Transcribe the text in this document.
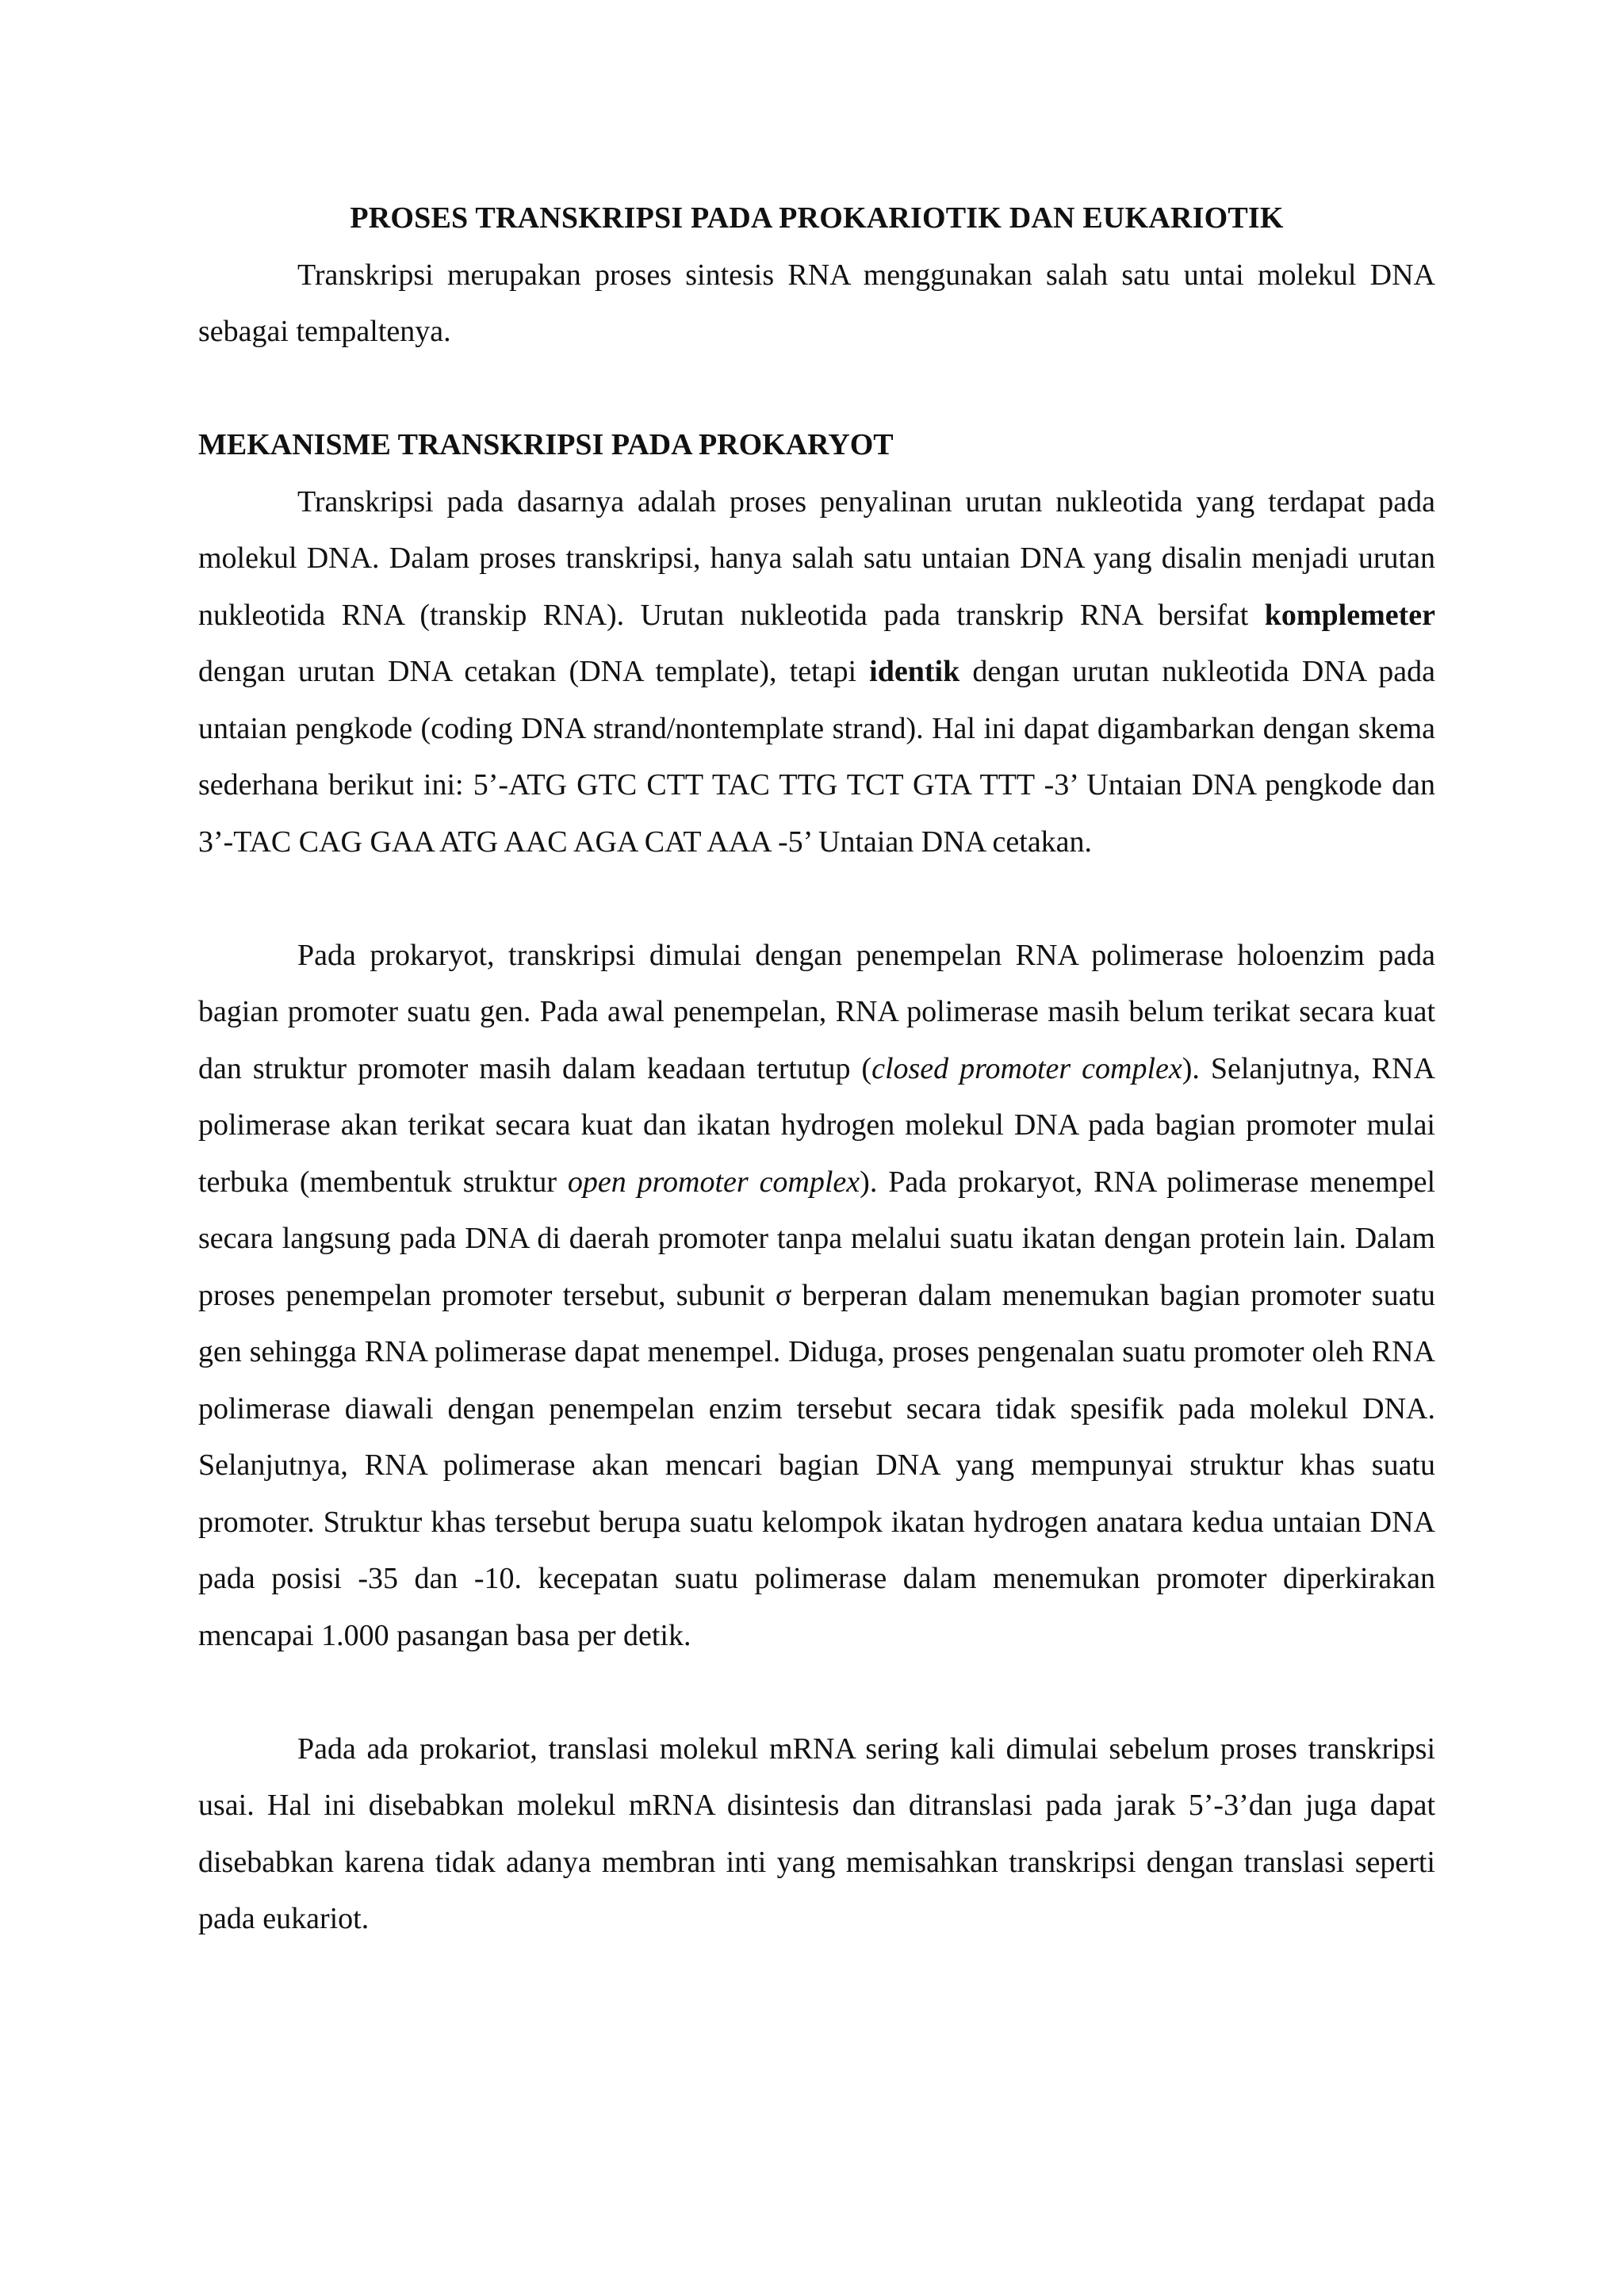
PROSES TRANSKRIPSI PADA PROKARIOTIK DAN EUKARIOTIK

Transkripsi merupakan proses sintesis RNA menggunakan salah satu untai molekul DNA sebagai tempaltenya.

MEKANISME TRANSKRIPSI PADA PROKARYOT

Transkripsi pada dasarnya adalah proses penyalinan urutan nukleotida yang terdapat pada molekul DNA. Dalam proses transkripsi, hanya salah satu untaian DNA yang disalin menjadi urutan nukleotida RNA (transkip RNA). Urutan nukleotida pada transkrip RNA bersifat komplemeter dengan urutan DNA cetakan (DNA template), tetapi identik dengan urutan nukleotida DNA pada untaian pengkode (coding DNA strand/nontemplate strand). Hal ini dapat digambarkan dengan skema sederhana berikut ini: 5’-ATG GTC CTT TAC TTG TCT GTA TTT -3’ Untaian DNA pengkode dan 3’-TAC CAG GAA ATG AAC AGA CAT AAA -5’ Untaian DNA cetakan.

Pada prokaryot, transkripsi dimulai dengan penempelan RNA polimerase holoenzim pada bagian promoter suatu gen. Pada awal penempelan, RNA polimerase masih belum terikat secara kuat dan struktur promoter masih dalam keadaan tertutup (closed promoter complex). Selanjutnya, RNA polimerase akan terikat secara kuat dan ikatan hydrogen molekul DNA pada bagian promoter mulai terbuka (membentuk struktur open promoter complex). Pada prokaryot, RNA polimerase menempel secara langsung pada DNA di daerah promoter tanpa melalui suatu ikatan dengan protein lain. Dalam proses penempelan promoter tersebut, subunit σ berperan dalam menemukan bagian promoter suatu gen sehingga RNA polimerase dapat menempel. Diduga, proses pengenalan suatu promoter oleh RNA polimerase diawali dengan penempelan enzim tersebut secara tidak spesifik pada molekul DNA. Selanjutnya, RNA polimerase akan mencari bagian DNA yang mempunyai struktur khas suatu promoter. Struktur khas tersebut berupa suatu kelompok ikatan hydrogen anatara kedua untaian DNA pada posisi -35 dan -10. kecepatan suatu polimerase dalam menemukan promoter diperkirakan mencapai 1.000 pasangan basa per detik.

Pada ada prokariot, translasi molekul mRNA sering kali dimulai sebelum proses transkripsi usai. Hal ini disebabkan molekul mRNA disintesis dan ditranslasi pada jarak 5’-3’dan juga dapat disebabkan karena tidak adanya membran inti yang memisahkan transkripsi dengan translasi seperti pada eukariot.
